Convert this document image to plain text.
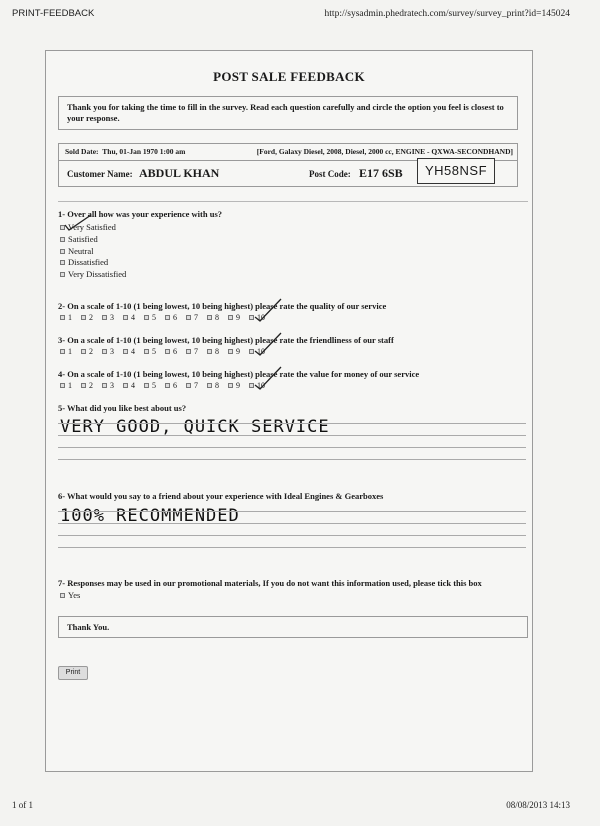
PRINT-FEEDBACK	http://sysadmin.phedratech.com/survey/survey_print?id=145024
POST SALE FEEDBACK
Thank you for taking the time to fill in the survey. Read each question carefully and circle the option you feel is closest to your response.
Sold Date: Thu, 01-Jan 1970 1:00 am	[Ford, Galaxy Diesel, 2008, Diesel, 2000 cc, ENGINE - QXWA-SECONDHAND]
Customer Name: ABDUL KHAN	Post Code: E17 6SB	YH58NSF
1- Over all how was your experience with us?
Very Satisfied
Satisfied
Neutral
Dissatisfied
Very Dissatisfied
2- On a scale of 1-10 (1 being lowest, 10 being highest) please rate the quality of our service
1 2 3 4 5 6 7 8 9 10
3- On a scale of 1-10 (1 being lowest, 10 being highest) please rate the friendliness of our staff
1 2 3 4 5 6 7 8 9 10
4- On a scale of 1-10 (1 being lowest, 10 being highest) please rate the value for money of our service
1 2 3 4 5 6 7 8 9 10
5- What did you like best about us?
VERY GOOD, QUICK SERVICE
6- What would you say to a friend about your experience with Ideal Engines & Gearboxes
100% RECOMMENDED
7- Responses may be used in our promotional materials, If you do not want this information used, please tick this box
Yes
Thank You.
Print
1 of 1	08/08/2013 14:13
